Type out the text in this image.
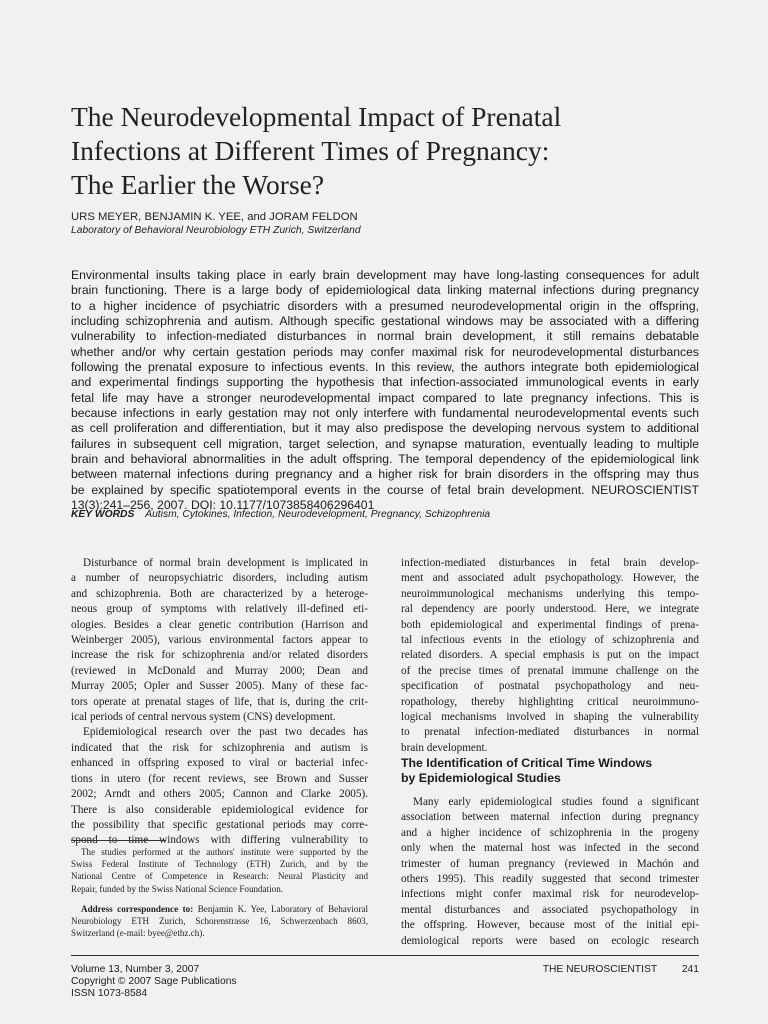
The Neurodevelopmental Impact of Prenatal
Infections at Different Times of Pregnancy:
The Earlier the Worse?
URS MEYER, BENJAMIN K. YEE, and JORAM FELDON
Laboratory of Behavioral Neurobiology ETH Zurich, Switzerland
Environmental insults taking place in early brain development may have long-lasting consequences for adult
brain functioning. There is a large body of epidemiological data linking maternal infections during pregnancy
to a higher incidence of psychiatric disorders with a presumed neurodevelopmental origin in the offspring,
including schizophrenia and autism. Although specific gestational windows may be associated with a differing
vulnerability to infection-mediated disturbances in normal brain development, it still remains debatable
whether and/or why certain gestation periods may confer maximal risk for neurodevelopmental disturbances
following the prenatal exposure to infectious events. In this review, the authors integrate both epidemiological
and experimental findings supporting the hypothesis that infection-associated immunological events in early
fetal life may have a stronger neurodevelopmental impact compared to late pregnancy infections. This is
because infections in early gestation may not only interfere with fundamental neurodevelopmental events such
as cell proliferation and differentiation, but it may also predispose the developing nervous system to additional
failures in subsequent cell migration, target selection, and synapse maturation, eventually leading to multiple
brain and behavioral abnormalities in the adult offspring. The temporal dependency of the epidemiological link
between maternal infections during pregnancy and a higher risk for brain disorders in the offspring may thus
be explained by specific spatiotemporal events in the course of fetal brain development. NEUROSCIENTIST
13(3):241–256, 2007. DOI: 10.1177/1073858406296401
KEY WORDS Autism, Cytokines, Infection, Neurodevelopment, Pregnancy, Schizophrenia
Disturbance of normal brain development is implicated in
a number of neuropsychiatric disorders, including autism
and schizophrenia. Both are characterized by a heteroge-
neous group of symptoms with relatively ill-defined eti-
ologies. Besides a clear genetic contribution (Harrison and
Weinberger 2005), various environmental factors appear to
increase the risk for schizophrenia and/or related disorders
(reviewed in McDonald and Murray 2000; Dean and
Murray 2005; Opler and Susser 2005). Many of these fac-
tors operate at prenatal stages of life, that is, during the crit-
ical periods of central nervous system (CNS) development.
Epidemiological research over the past two decades has
indicated that the risk for schizophrenia and autism is
enhanced in offspring exposed to viral or bacterial infec-
tions in utero (for recent reviews, see Brown and Susser
2002; Arndt and others 2005; Cannon and Clarke 2005).
There is also considerable epidemiological evidence for
the possibility that specific gestational periods may corre-
spond to time windows with differing vulnerability to
The studies performed at the authors' institute were supported by the
Swiss Federal Institute of Technology (ETH) Zurich, and by the
National Centre of Competence in Research: Neural Plasticity and
Repair, funded by the Swiss National Science Foundation.
Address correspondence to: Benjamin K. Yee, Laboratory of Behavioral
Neurobiology ETH Zurich, Schorenstrasse 16, Schwerzenbach 8603,
Switzerland (e-mail: byee@ethz.ch).
infection-mediated disturbances in fetal brain develop-
ment and associated adult psychopathology. However, the
neuroimmunological mechanisms underlying this tempo-
ral dependency are poorly understood. Here, we integrate
both epidemiological and experimental findings of prena-
tal infectious events in the etiology of schizophrenia and
related disorders. A special emphasis is put on the impact
of the precise times of prenatal immune challenge on the
specification of postnatal psychopathology and neu-
ropathology, thereby highlighting critical neuroimmuno-
logical mechanisms involved in shaping the vulnerability
to prenatal infection-mediated disturbances in normal
brain development.
The Identification of Critical Time Windows
by Epidemiological Studies
Many early epidemiological studies found a significant
association between maternal infection during pregnancy
and a higher incidence of schizophrenia in the progeny
only when the maternal host was infected in the second
trimester of human pregnancy (reviewed in Machón and
others 1995). This readily suggested that second trimester
infections might confer maximal risk for neurodevelop-
mental disturbances and associated psychopathology in
the offspring. However, because most of the initial epi-
demiological reports were based on ecologic research
Volume 13, Number 3, 2007
Copyright © 2007 Sage Publications
ISSN 1073-8584
THE NEUROSCIENTIST 241
